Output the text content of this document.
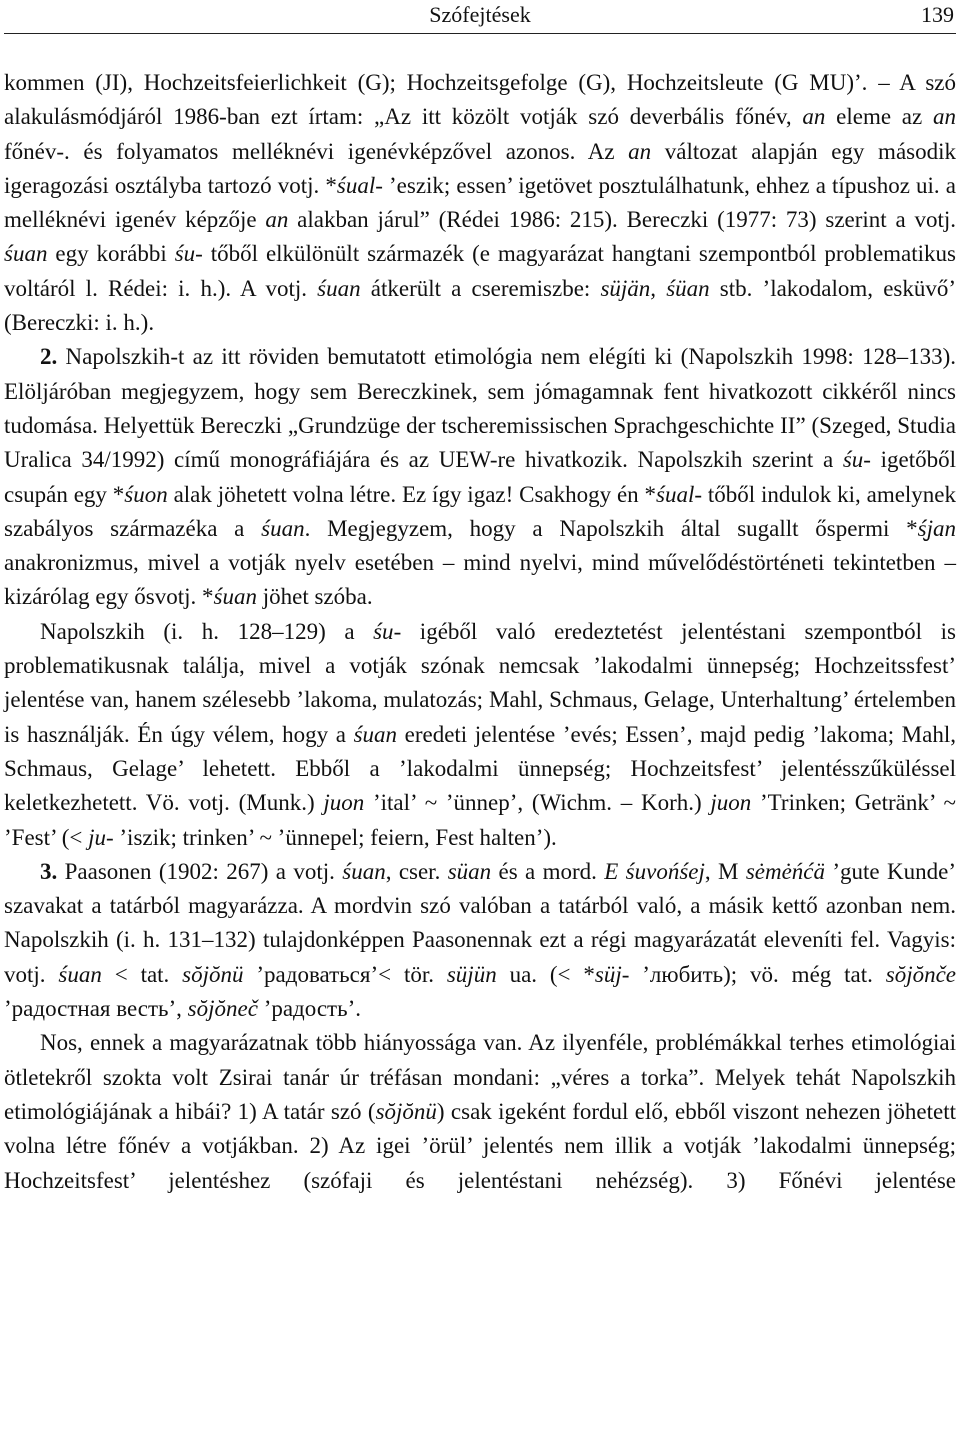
Szófejtések	139

kommen (JI), Hochzeitsfeierlichkeit (G); Hochzeitsgefolge (G), Hochzeitsleute (G MU)’. – A szó alakulásmódjáról 1986-ban ezt írtam: „Az itt közölt votják szó deverbális főnév, an eleme az an főnév-. és folyamatos melléknévi igenévképzővel azonos. Az an változat alapján egy második igeragozási osztályba tartozó votj. *śual- ’eszik; essen’ igetövet posztulálhatunk, ehhez a típushoz ui. a melléknévi igenév képzője an alakban járul” (Rédei 1986: 215). Bereczki (1977: 73) szerint a votj. śuan egy korábbi śu- tőből elkülönült származék (e magyarázat hangtani szempontból problematikus voltáról l. Rédei: i. h.). A votj. śuan átkerült a cseremiszbe: süjän, śüan stb. ’lakodalom, esküvő’ (Bereczki: i. h.).

2. Napolszkih-t az itt röviden bemutatott etimológia nem elégíti ki (Napolszkih 1998: 128–133). Elöljáróban megjegyzem, hogy sem Bereczkinek, sem jómagamnak fent hivatkozott cikkéről nincs tudomása. Helyettük Bereczki „Grundzüge der tscheremissischen Sprachgeschichte II” (Szeged, Studia Uralica 34/1992) című monográfiájára és az UEW-re hivatkozik. Napolszkih szerint a śu- igetőből csupán egy *śuon alak jöhetett volna létre. Ez így igaz! Csakhogy én *śual- tőből indulok ki, amelynek szabályos származéka a śuan. Megjegyzem, hogy a Napolszkih által sugallt őspermi *ś̮jan anakronizmus, mivel a votják nyelv esetében – mind nyelvi, mind művelődéstörténeti tekintetben – kizárólag egy ősvotj. *śuan jöhet szóba.

Napolszkih (i. h. 128–129) a śu- igéből való eredeztetést jelentéstani szempontból is problematikusnak találja, mivel a votják szónak nemcsak ’lakodalmi ünnepség; Hochzeitssfest’ jelentése van, hanem szélesebb ’lakoma, mulatozás; Mahl, Schmaus, Gelage, Unterhaltung’ értelemben is használják. Én úgy vélem, hogy a śuan eredeti jelentése ’evés; Essen’, majd pedig ’lakoma; Mahl, Schmaus, Gelage’ lehetett. Ebből a ’lakodalmi ünnepség; Hochzeitsfest’ jelentésszűküléssel keletkezhetett. Vö. votj. (Munk.) juon ’ital’ ~ ’ünnep’, (Wichm. – Korh.) juon ’Trinken; Getränk’ ~ ’Fest’ (< ju- ’iszik; trinken’ ~ ’ünnepel; feiern, Fest halten’).

3. Paasonen (1902: 267) a votj. śuan, cser. süan és a mord. E śuvońśej, M sėmėńćä ’gute Kunde’ szavakat a tatárból magyarázza. A mordvin szó valóban a tatárból való, a másik kettő azonban nem. Napolszkih (i. h. 131–132) tulajdonképpen Paasonennak ezt a régi magyarázatát eleveníti fel. Vagyis: votj. śuan < tat. sŏjŏnü ’радоваться’< tör. süjün ua. (< *süj- ’любить); vö. még tat. sŏjŏnče ’радостная весть’, sŏjŏneč ’радость’.

Nos, ennek a magyarázatnak több hiányossága van. Az ilyenféle, problémákkal terhes etimológiai ötletekről szokta volt Zsirai tanár úr tréfásan mondani: „véres a torka”. Melyek tehát Napolszkih etimológiájának a hibái? 1) A tatár szó (sŏjŏnü) csak igeként fordul elő, ebből viszont nehezen jöhetett volna létre főnév a votjákban. 2) Az igei ’örül’ jelentés nem illik a votják ’lakodalmi ünnepség; Hochzeitsfest’ jelentéshez (szófaji és jelentéstani nehézség). 3) Főnévi jelentése
